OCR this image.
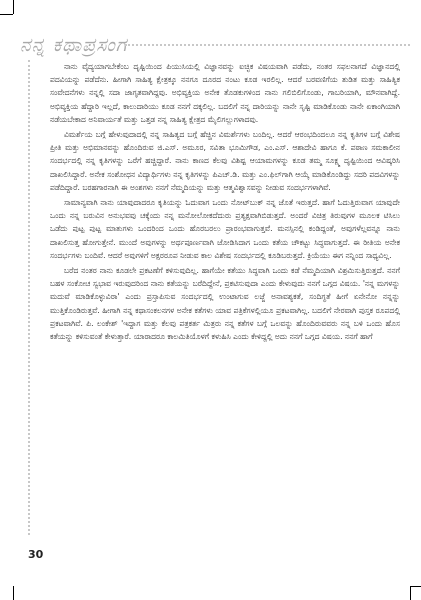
ನನ್ನ ಕಥಾಪ್ರಸಂಗ

ನಾನು ವೈದ್ಯಯಾಗಬೇಕೆಂಬ ದೃಷ್ಟಿಯಿಂದ ಪಿಯುಸಿಯಲ್ಲಿ ವಿಜ್ಞಾನವನ್ನು ಐಚ್ಛಿಕ ವಿಷಯವಾಗಿ ಪಡೆದು, ನಂತರ ಸಫಲನಾಗದೆ ವಿಜ್ಞಾನದಲ್ಲಿ ಪದವಿಯನ್ನು ಪಡೆದೆನು. ಹೀಗಾಗಿ ಸಾಹಿತ್ಯ ಕ್ಷೇತ್ರಕ್ಕೂ ನನಗೂ ದೂರದ ನಂಟು ಕೂಡ ಇರಲಿಲ್ಲ. ಆದರೆ ಬರವಣಿಗೆಯ ತುಡಿತ ಮತ್ತು ಸಾಹಿತ್ಯಿಕ ಸಂವೇದನೆಗಳು ನನ್ನಲ್ಲಿ ಸದಾ ಜಾಗೃತವಾಗಿದ್ದವು. ಅಭಿವ್ಯಕ್ತಿಯ ಅನೇಕ ತೊಡಕುಗಳಿಂದ ನಾನು ಗಲಿಬಿಲಿಗೊಂಡು, ಗಾಬರಿಯಾಗಿ, ಮೌನವಾಗಿದ್ದೆ. ಅಭಿವ್ಯಕ್ತಿಯ ಹೆದ್ದಾರಿ ಇಲ್ಲದೆ, ಕಾಲುದಾರಿಯು ಕೂಡ ನನಗೆ ದಕ್ಕಲಿಲ್ಲ. ಬದಲಿಗೆ ನನ್ನ ದಾರಿಯನ್ನು ನಾನೇ ಸೃಷ್ಟಿ ಮಾಡಿಕೊಂಡು ನಾನೇ ಏಕಾಂಗಿಯಾಗಿ ನಡೆಯಬೇಕಾದ ಅನಿವಾರ್ಯತೆ ಮತ್ತು ಒತ್ತಡ ನನ್ನ ಸಾಹಿತ್ಯ ಕ್ಷೇತ್ರದ ಮೈಲಿಗಲ್ಲುಗಳಾದವು.

ವಿಮರ್ಶೆಯ ಬಗ್ಗೆ ಹೇಳುವುದಾದಲ್ಲಿ ನನ್ನ ಸಾಹಿತ್ಯದ ಬಗ್ಗೆ ಹೆಚ್ಚಿನ ವಿಮರ್ಶೆಗಳು ಬಂದಿಲ್ಲ. ಆದರೆ ಆರಂಭದಿಂದಲೂ ನನ್ನ ಕೃತಿಗಳ ಬಗ್ಗೆ ವಿಶೇಷ ಪ್ರೀತಿ ಮತ್ತು ಅಭಿಮಾನವನ್ನು ಹೊಂದಿರುವ ಜಿ.ಎಸ್. ಅಮೂರ, ಸವಿತಾ ಭೂಮಿಗೌಡ, ಎಂ.ಎಸ್. ಆಶಾದೇವಿ ಹಾಗೂ ಕೆ. ಪಠಾಣ ಸಮಕಾಲೀನ ಸಂದರ್ಭದಲ್ಲಿ ನನ್ನ ಕೃತಿಗಳನ್ನು ಒರೆಗೆ ಹಚ್ಚಿದ್ದಾರೆ. ನಾನು ಕಾಣದ ಕೆಲವು ವಿಶಿಷ್ಟ ಆಯಾಮಗಳನ್ನು ಕೂಡ ತಮ್ಮ ಸೂಕ್ಷ್ಮ ದೃಷ್ಟಿಯಿಂದ ಆವಿಷ್ಕರಿಸಿ ದಾಖಲಿಸಿದ್ದಾರೆ. ಅನೇಕ ಸಂಶೋಧನ ವಿದ್ಯಾರ್ಥಿಗಳು ನನ್ನ ಕೃತಿಗಳನ್ನು ಪಿಎಚ್.ಡಿ. ಮತ್ತು ಎಂ.ಫಿಲ್‌ಗಾಗಿ ಆಯ್ಕೆ ಮಾಡಿಕೊಂಡಿದ್ದು ಸದರಿ ಪದವಿಗಳನ್ನು ಪಡೆದಿದ್ದಾರೆ. ಬರಹಗಾರನಾಗಿ ಈ ಅಂಶಗಳು ನನಗೆ ನೆಮ್ಮದಿಯನ್ನು ಮತ್ತು ಆತ್ಮವಿಶ್ವಾಸವನ್ನು ನೀಡುವ ಸಂದರ್ಭಗಳಾಗಿವೆ.

ಸಾಮಾನ್ಯವಾಗಿ ನಾನು ಯಾವುದಾದರೂ ಕೃತಿಯನ್ನು ಓದುವಾಗ ಒಂದು ನೋಟ್‌ಬುಕ್ ನನ್ನ ಜೊತೆ ಇರುತ್ತದೆ. ಹಾಗೆ ಓದುತ್ತಿರುವಾಗ ಯಾವುದೇ ಒಂದು ನನ್ನ ಬರುವಿನ ಅನುಭವವು ಚಕ್ಕೆಂದು ನನ್ನ ಮನೋಲೋಕದೆದುರು ಪ್ರತ್ಯಕ್ಷವಾಗಿಬಿಡುತ್ತದೆ. ಅಂದರೆ ವಿಚಿತ್ರ ತಿರುವುಗಳ ಮೂಲಕ ಟಿಸಿಲು ಒಡೆದು ಪುಟ್ಟ ಪುಟ್ಟ ಮಾತುಗಳು ಒಂದರಿಂದ ಒಂದು ಹೊರಬರಲು ಪ್ರಾರಂಭವಾಗುತ್ತವೆ. ಮನಸ್ಸಿನಲ್ಲಿ ಕಂಡಿದ್ದಂತೆ, ಅವುಗಳೆಲ್ಲವನ್ನೂ ನಾನು ದಾಖಲಿಸುತ್ತ ಹೋಗುತ್ತೇನೆ. ಮುಂದೆ ಅವುಗಳನ್ನು ಅರ್ಥಪೂರ್ಣವಾಗಿ ಜೋಡಿಸಿದಾಗ ಒಂದು ಕತೆಯ ಚೌಕಟ್ಟು ಸಿದ್ಧವಾಗುತ್ತದೆ. ಈ ರೀತಿಯ ಅನೇಕ ಸಂದರ್ಭಗಳು ಬಂದಿವೆ. ಆದರೆ ಅವುಗಳಿಗೆ ಅಕ್ಷರರೂಪ ನೀಡುವ ಕಾಲ ವಿಶೇಷ ಸಂದರ್ಭದಲ್ಲಿ ಕೂಡಿಬರುತ್ತದೆ. ಕ್ರಿಯೆಯು ಈಗ ನನ್ನಿಂದ ಸಾಧ್ಯವಿಲ್ಲ.

ಬರೆದ ನಂತರ ನಾನು ಕೂಡಲೇ ಪ್ರಕಟಣೆಗೆ ಕಳಿಸುವುದಿಲ್ಲ. ಹಾಗೆಯೇ ಕತೆಯು ಸಿದ್ಧವಾಗಿ ಒಂದು ಕಡೆ ನೆಮ್ಮದಿಯಾಗಿ ವಿಶ್ರಮಿಸುತ್ತಿರುತ್ತದೆ. ನನಗೆ ಬಹಳ ಸಂಕೋಚ ಸ್ವಭಾವ ಇರುವುದರಿಂದ ನಾನು ಕತೆಯನ್ನು ಬರೆದಿದ್ದೇನೆ, ಪ್ರಕಟಿಸುವುದಾ ಎಂದು ಕೇಳುವುದು ನನಗೆ ಒಗ್ಗದ ವಿಷಯ. 'ನನ್ನ ಮಗಳನ್ನು ಮದುವೆ ಮಾಡಿಕೊಳ್ಳುವಿರಾ' ಎಂದು ಪ್ರಸ್ತಾಪಿಸುವ ಸಂದರ್ಭದಲ್ಲಿ ಉಂಟಾಗುವ ಲಜ್ಜೆ ಅನಾವಶ್ಯಕತೆ, ಸಂದಿಗ್ಧತೆ ಹೀಗೆ ಏನೇನೋ ನನ್ನನ್ನು ಮುತ್ತಿಕೊಂಡಿರುತ್ತವೆ. ಹೀಗಾಗಿ ನನ್ನ ಕಥಾಸಂಕಲನಗಳ ಅನೇಕ ಕತೆಗಳು ಯಾವ ಪತ್ರಿಕೆಗಳಲ್ಲಿಯೂ ಪ್ರಕಟವಾಗಿಲ್ಲ. ಬದಲಿಗೆ ನೇರವಾಗಿ ಪುಸ್ತಕ ರೂಪದಲ್ಲಿ ಪ್ರಕಟವಾಗಿವೆ. ಪಿ. ಲಂಕೇಶ್ 'ಇದ್ದಾಗ ಮತ್ತು ಕೆಲವು ಪತ್ರಕರ್ತ ಮಿತ್ರರು ನನ್ನ ಕತೆಗಳ ಬಗ್ಗೆ ಒಲವನ್ನು ಹೊಂದಿರುವವರು ನನ್ನ ಬಳಿ ಒಂದು ಹೊಸ ಕತೆಯನ್ನು ಕಳಿಸುವಂತೆ ಕೇಳುತ್ತಾರೆ. ಯಾರಾದರೂ ಕಾಲಮಿತಿಯೊಳಗೆ ಕಳುಹಿಸಿ ಎಂದು ಕೇಳಿದ್ದಲ್ಲಿ ಅದು ನನಗೆ ಒಗ್ಗದ ವಿಷಯ. ನನಗೆ ಹಾಗೆ

30
